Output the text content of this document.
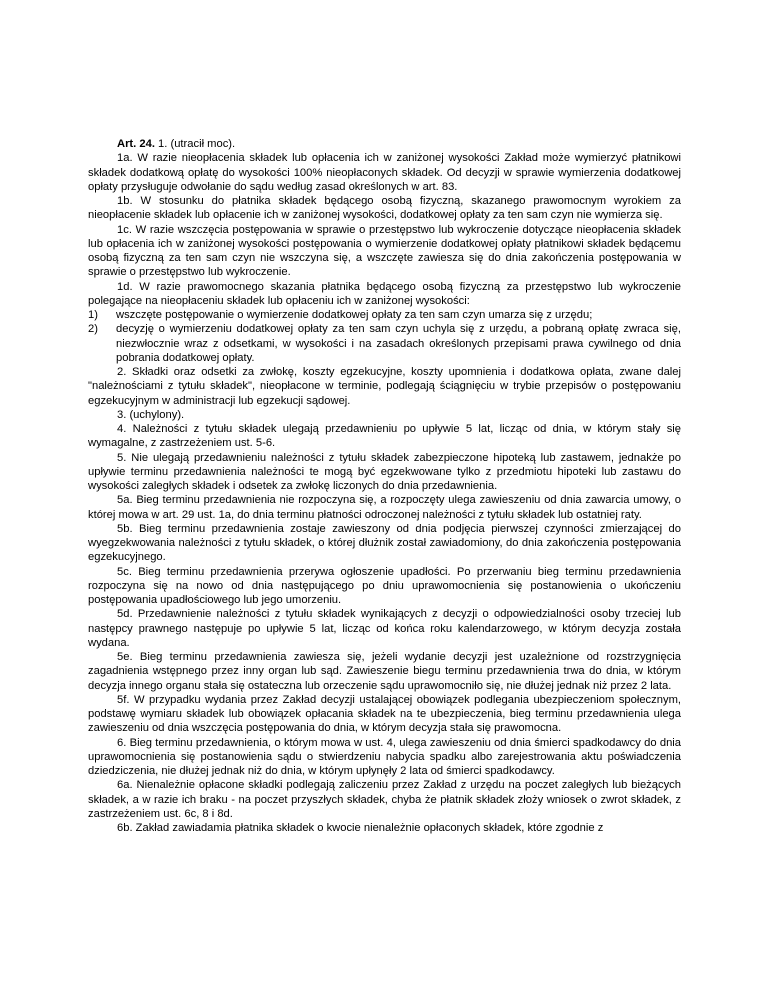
Art. 24. 1. (utracił moc).

1a. W razie nieopłacenia składek lub opłacenia ich w zaniżonej wysokości Zakład może wymierzyć płatnikowi składek dodatkową opłatę do wysokości 100% nieopłaconych składek. Od decyzji w sprawie wymierzenia dodatkowej opłaty przysługuje odwołanie do sądu według zasad określonych w art. 83.

1b. W stosunku do płatnika składek będącego osobą fizyczną, skazanego prawomocnym wyrokiem za nieopłacenie składek lub opłacenie ich w zaniżonej wysokości, dodatkowej opłaty za ten sam czyn nie wymierza się.

1c. W razie wszczęcia postępowania w sprawie o przestępstwo lub wykroczenie dotyczące nieopłacenia składek lub opłacenia ich w zaniżonej wysokości postępowania o wymierzenie dodatkowej opłaty płatnikowi składek będącemu osobą fizyczną za ten sam czyn nie wszczyna się, a wszczęte zawiesza się do dnia zakończenia postępowania w sprawie o przestępstwo lub wykroczenie.

1d. W razie prawomocnego skazania płatnika będącego osobą fizyczną za przestępstwo lub wykroczenie polegające na nieopłaceniu składek lub opłaceniu ich w zaniżonej wysokości:

1)	wszczęte postępowanie o wymierzenie dodatkowej opłaty za ten sam czyn umarza się z urzędu;
2)	decyzję o wymierzeniu dodatkowej opłaty za ten sam czyn uchyla się z urzędu, a pobraną opłatę zwraca się, niezwłocznie wraz z odsetkami, w wysokości i na zasadach określonych przepisami prawa cywilnego od dnia pobrania dodatkowej opłaty.

2. Składki oraz odsetki za zwłokę, koszty egzekucyjne, koszty upomnienia i dodatkowa opłata, zwane dalej "należnościami z tytułu składek", nieopłacone w terminie, podlegają ściągnięciu w trybie przepisów o postępowaniu egzekucyjnym w administracji lub egzekucji sądowej.

3. (uchylony).

4. Należności z tytułu składek ulegają przedawnieniu po upływie 5 lat, licząc od dnia, w którym stały się wymagalne, z zastrzeżeniem ust. 5-6.

5. Nie ulegają przedawnieniu należności z tytułu składek zabezpieczone hipoteką lub zastawem, jednakże po upływie terminu przedawnienia należności te mogą być egzekwowane tylko z przedmiotu hipoteki lub zastawu do wysokości zaległych składek i odsetek za zwłokę liczonych do dnia przedawnienia.

5a. Bieg terminu przedawnienia nie rozpoczyna się, a rozpoczęty ulega zawieszeniu od dnia zawarcia umowy, o której mowa w art. 29 ust. 1a, do dnia terminu płatności odroczonej należności z tytułu składek lub ostatniej raty.

5b. Bieg terminu przedawnienia zostaje zawieszony od dnia podjęcia pierwszej czynności zmierzającej do wyegzekwowania należności z tytułu składek, o której dłużnik został zawiadomiony, do dnia zakończenia postępowania egzekucyjnego.

5c. Bieg terminu przedawnienia przerywa ogłoszenie upadłości. Po przerwaniu bieg terminu przedawnienia rozpoczyna się na nowo od dnia następującego po dniu uprawomocnienia się postanowienia o ukończeniu postępowania upadłościowego lub jego umorzeniu.

5d. Przedawnienie należności z tytułu składek wynikających z decyzji o odpowiedzialności osoby trzeciej lub następcy prawnego następuje po upływie 5 lat, licząc od końca roku kalendarzowego, w którym decyzja została wydana.

5e. Bieg terminu przedawnienia zawiesza się, jeżeli wydanie decyzji jest uzależnione od rozstrzygnięcia zagadnienia wstępnego przez inny organ lub sąd. Zawieszenie biegu terminu przedawnienia trwa do dnia, w którym decyzja innego organu stała się ostateczna lub orzeczenie sądu uprawomocniło się, nie dłużej jednak niż przez 2 lata.

5f. W przypadku wydania przez Zakład decyzji ustalającej obowiązek podlegania ubezpieczeniom społecznym, podstawę wymiaru składek lub obowiązek opłacania składek na te ubezpieczenia, bieg terminu przedawnienia ulega zawieszeniu od dnia wszczęcia postępowania do dnia, w którym decyzja stała się prawomocna.

6. Bieg terminu przedawnienia, o którym mowa w ust. 4, ulega zawieszeniu od dnia śmierci spadkodawcy do dnia uprawomocnienia się postanowienia sądu o stwierdzeniu nabycia spadku albo zarejestrowania aktu poświadczenia dziedziczenia, nie dłużej jednak niż do dnia, w którym upłynęły 2 lata od śmierci spadkodawcy.

6a. Nienależnie opłacone składki podlegają zaliczeniu przez Zakład z urzędu na poczet zaległych lub bieżących składek, a w razie ich braku - na poczet przyszłych składek, chyba że płatnik składek złoży wniosek o zwrot składek, z zastrzeżeniem ust. 6c, 8 i 8d.

6b. Zakład zawiadamia płatnika składek o kwocie nienależnie opłaconych składek, które zgodnie z
